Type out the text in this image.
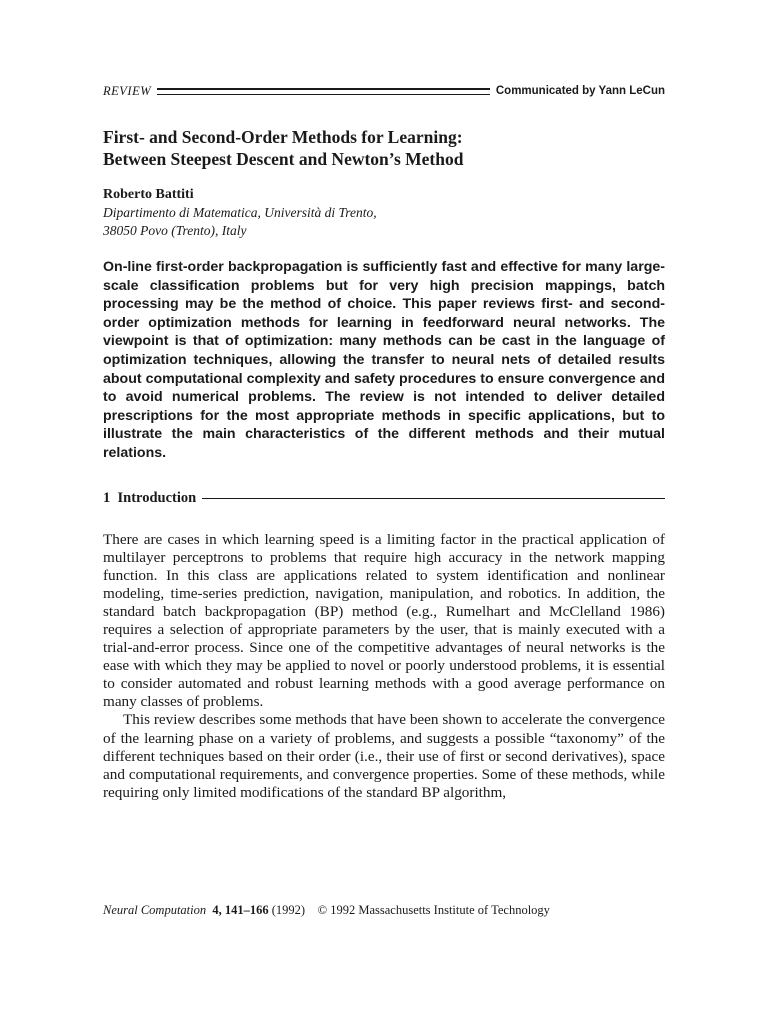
REVIEW	Communicated by Yann LeCun
First- and Second-Order Methods for Learning:
Between Steepest Descent and Newton’s Method
Roberto Battiti
Dipartimento di Matematica, Università di Trento,
38050 Povo (Trento), Italy
On-line first-order backpropagation is sufficiently fast and effective for many large-scale classification problems but for very high precision mappings, batch processing may be the method of choice. This paper reviews first- and second-order optimization methods for learning in feedforward neural networks. The viewpoint is that of optimization: many methods can be cast in the language of optimization techniques, allowing the transfer to neural nets of detailed results about computational complexity and safety procedures to ensure convergence and to avoid numerical problems. The review is not intended to deliver detailed prescriptions for the most appropriate methods in specific applications, but to illustrate the main characteristics of the different methods and their mutual relations.
1
Introduction

There are cases in which learning speed is a limiting factor in the practical application of multilayer perceptrons to problems that require high accuracy in the network mapping function. In this class are applications related to system identification and nonlinear modeling, time-series prediction, navigation, manipulation, and robotics. In addition, the standard batch backpropagation (BP) method (e.g., Rumelhart and McClelland 1986) requires a selection of appropriate parameters by the user, that is mainly executed with a trial-and-error process. Since one of the competitive advantages of neural networks is the ease with which they may be applied to novel or poorly understood problems, it is essential to consider automated and robust learning methods with a good average performance on many classes of problems.

This review describes some methods that have been shown to accelerate the convergence of the learning phase on a variety of problems, and suggests a possible “taxonomy” of the different techniques based on their order (i.e., their use of first or second derivatives), space and computational requirements, and convergence properties. Some of these methods, while requiring only limited modifications of the standard BP algorithm,

Neural Computation 4, 141–166 (1992) © 1992 Massachusetts Institute of Technology
